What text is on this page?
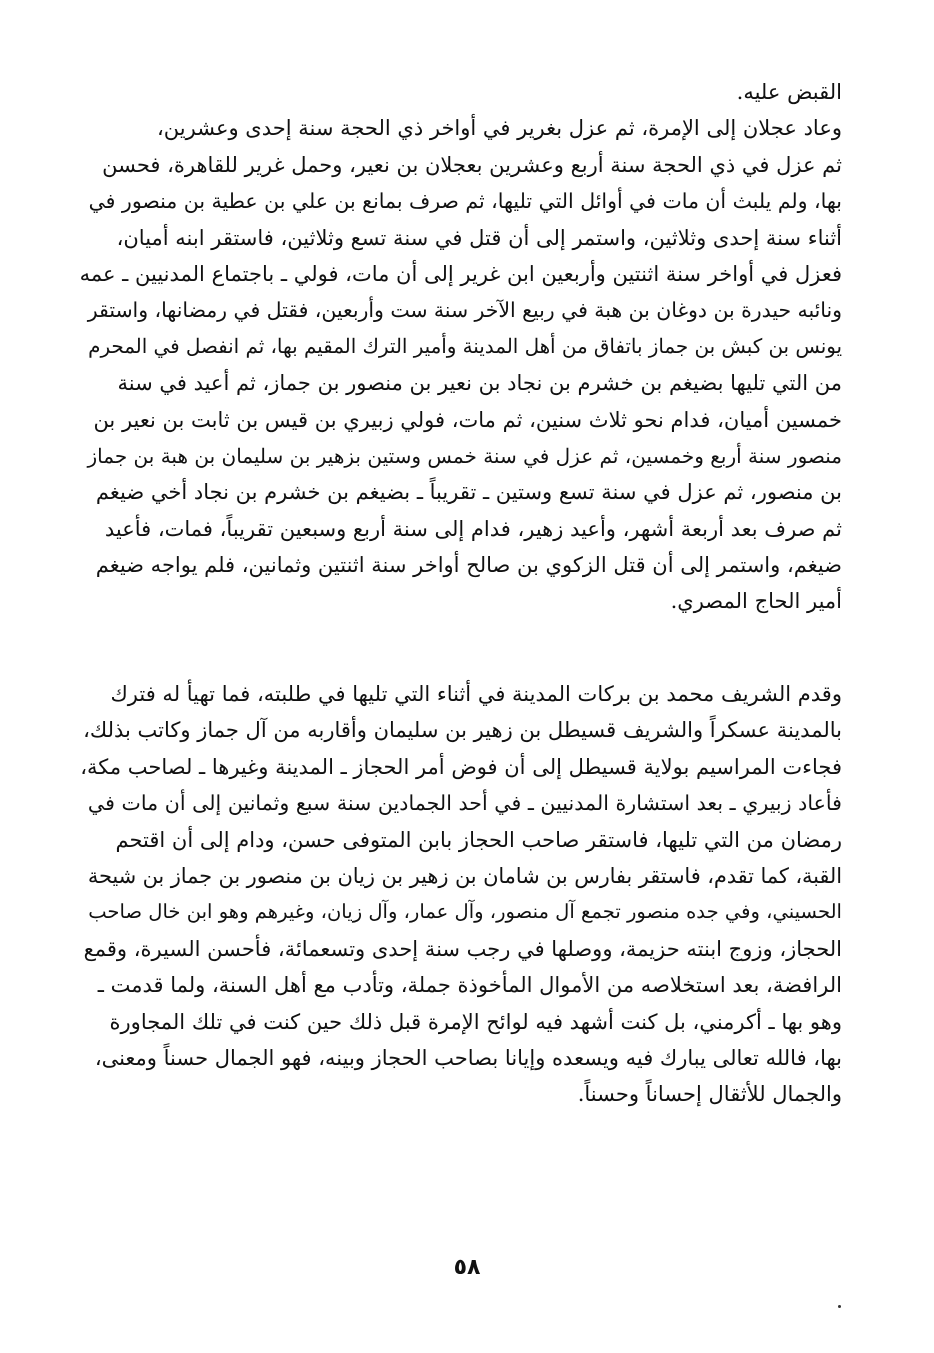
القبض عليه.
وعاد عجلان إلى الإمرة، ثم عزل بغرير في أواخر ذي الحجة سنة إحدى وعشرين،
ثم عزل في ذي الحجة سنة أربع وعشرين بعجلان بن نعير، وحمل غرير للقاهرة، فحسن
بها، ولم يلبث أن مات في أوائل التي تليها، ثم صرف بمانع بن علي بن عطية بن منصور في
أثناء سنة إحدى وثلاثين، واستمر إلى أن قتل في سنة تسع وثلاثين، فاستقر ابنه أميان،
فعزل في أواخر سنة اثنتين وأربعين ابن غرير إلى أن مات، فولي ـ باجتماع المدنيين ـ عمه
ونائبه حيدرة بن دوغان بن هبة في ربيع الآخر سنة ست وأربعين، فقتل في رمضانها، واستقر
يونس بن كبش بن جماز باتفاق من أهل المدينة وأمير الترك المقيم بها، ثم انفصل في المحرم
من التي تليها بضيغم بن خشرم بن نجاد بن نعير بن منصور بن جماز، ثم أعيد في سنة
خمسين أميان، فدام نحو ثلاث سنين، ثم مات، فولي زبيري بن قيس بن ثابت بن نعير بن
منصور سنة أربع وخمسين، ثم عزل في سنة خمس وستين بزهير بن سليمان بن هبة بن جماز
بن منصور، ثم عزل في سنة تسع وستين ـ تقريباً ـ بضيغم بن خشرم بن نجاد أخي ضيغم
ثم صرف بعد أربعة أشهر، وأعيد زهير، فدام إلى سنة أربع وسبعين تقريباً، فمات، فأعيد
ضيغم، واستمر إلى أن قتل الزكوي بن صالح أواخر سنة اثنتين وثمانين، فلم يواجه ضيغم
أمير الحاج المصري.
وقدم الشريف محمد بن بركات المدينة في أثناء التي تليها في طلبته، فما تهيأ له فترك
بالمدينة عسكراً والشريف قسيطل بن زهير بن سليمان وأقاربه من آل جماز وكاتب بذلك،
فجاءت المراسيم بولاية قسيطل إلى أن فوض أمر الحجاز ـ المدينة وغيرها ـ لصاحب مكة،
فأعاد زبيري ـ بعد استشارة المدنيين ـ في أحد الجمادين سنة سبع وثمانين إلى أن مات في
رمضان من التي تليها، فاستقر صاحب الحجاز بابن المتوفى حسن، ودام إلى أن اقتحم
القبة، كما تقدم، فاستقر بفارس بن شامان بن زهير بن زيان بن منصور بن جماز بن شيحة
الحسيني، وفي جده منصور تجمع آل منصور، وآل عمار، وآل زيان، وغيرهم وهو ابن خال صاحب
الحجاز، وزوج ابنته حزيمة، ووصلها في رجب سنة إحدى وتسعمائة، فأحسن السيرة، وقمع
الرافضة، بعد استخلاصه من الأموال المأخوذة جملة، وتأدب مع أهل السنة، ولما قدمت ـ
وهو بها ـ أكرمني، بل كنت أشهد فيه لوائح الإمرة قبل ذلك حين كنت في تلك المجاورة
بها، فالله تعالى يبارك فيه ويسعده وإيانا بصاحب الحجاز وبينه، فهو الجمال حسناً ومعنى،
والجمال للأثقال إحساناً وحسناً.
٥٨
